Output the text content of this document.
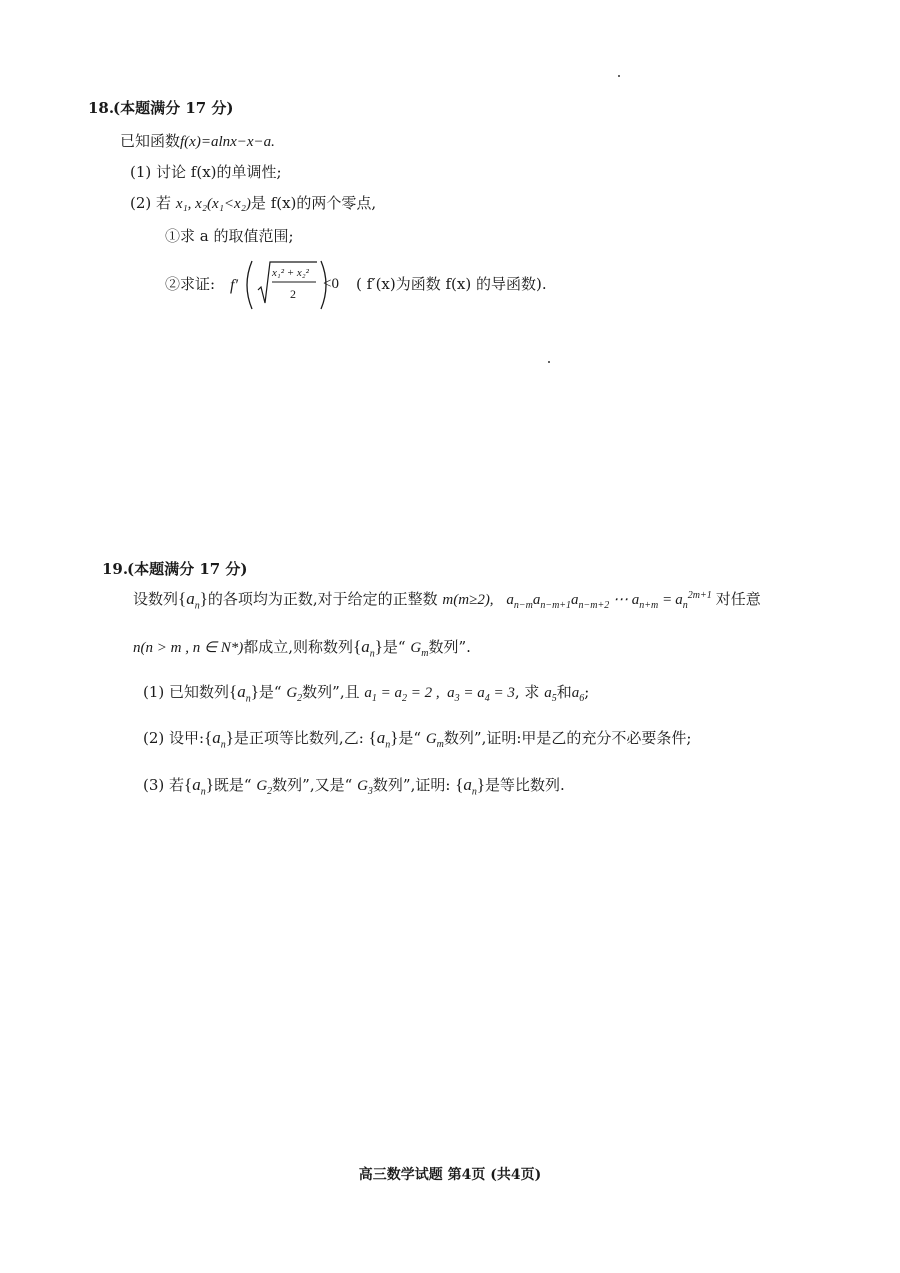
18.
(本题满分 17 分)
已知函数f(x)=alnx−x−a.
(1) 讨论 f(x)的单调性;
(2) 若 x₁, x₂(x₁<x₂)是 f(x)的两个零点,
①求 a 的取值范围;
②求证: f′
x₁² + x₂²
2
<0 ( f′(x)为函数 f(x) 的导函数).
19.
(本题满分 17 分)
设数列$\{a_n\}$的各项均为正数,对于给定的正整数 m(m≥2), $a_{n-m}a_{n-m+1}a_{n-m+2}$ ⋯ $a_{n+m} = a_n^{2m+1}$ 对任意
n(n > m , n ∈ N*)都成立,则称数列$\{a_n\}$是“ $G_m$数列”.
(1) 已知数列$\{a_n\}$是“ $G_2$数列”,且 $a_1 = a_2 = 2$ ,  $a_3 = a_4 = 3$, 求 $a_5$和$a_6$;
(2) 设甲$:\{a_n\}$是正项等比数列,乙: $\{a_n\}$是“ $G_m$数列”,证明:甲是乙的充分不必要条件;
(3) 若$\{a_n\}$既是“ $G_2$数列”,又是“ $G_3$数列”,证明: $\{a_n\}$是等比数列.
高三数学试题 第4页 (共4页)
